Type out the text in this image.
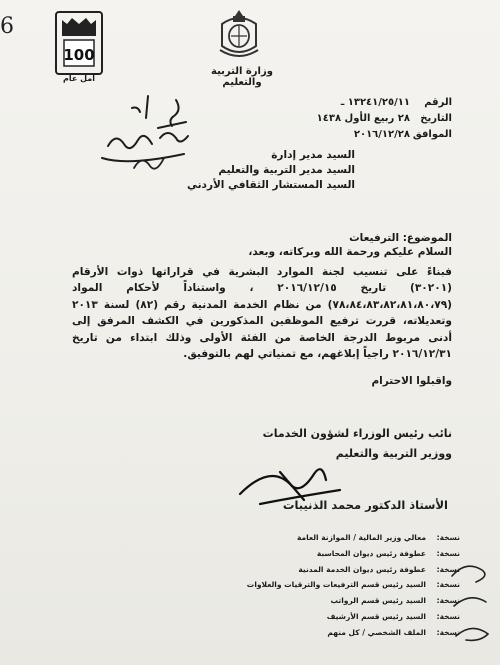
6
100
أمل عام
وزارة التربية والتعليم
الرقم
١٣٢٤١/٢٥/١١ ـ
التاريخ
٢٨ ربيع الأول ١٤٣٨
الموافق
٢٠١٦/١٢/٢٨
السيد مدير إدارة
السيد مدير التربية والتعليم
السيد المستشار الثقافي الأردني
الموضوع: الترفيعات
السلام عليكم ورحمة الله وبركاته، وبعد،
فبناءً على تنسيب لجنة الموارد البشرية في قراراتها ذوات الأرقام (٣٠٢٠١) تاريخ ٢٠١٦/١٢/١٥ ، واستناداً لأحكام المواد (٧٨،٨٤،٨٣،٨٢،٨١،٨٠،٧٩) من نظام الخدمة المدنية رقم (٨٢) لسنة ٢٠١٣ وتعديلاته، قررت ترفيع الموظفين المذكورين في الكشف المرفق إلى أدنى مربوط الدرجة الخاصة من الفئة الأولى وذلك ابتداء من تاريخ ٢٠١٦/١٢/٣١ راجياً إبلاغهم، مع تمنياتي لهم بالتوفيق.
واقبلوا الاحترام
نائب رئيس الوزراء لشؤون الخدمات
ووزير التربية والتعليم
الأستاذ الدكتور محمد الذنيبات
نسخة:
معالي وزير المالية / الموازنة العامة
نسخة:
عطوفة رئيس ديوان المحاسبة
نسخة:
عطوفة رئيس ديوان الخدمة المدنية
نسخة:
السيد رئيس قسم الترفيعات والترقيات والعلاوات
نسخة:
السيد رئيس قسم الرواتب
نسخة:
السيد رئيس قسم الأرشيف
نسخة:
الملف الشخصي / كل منهم
